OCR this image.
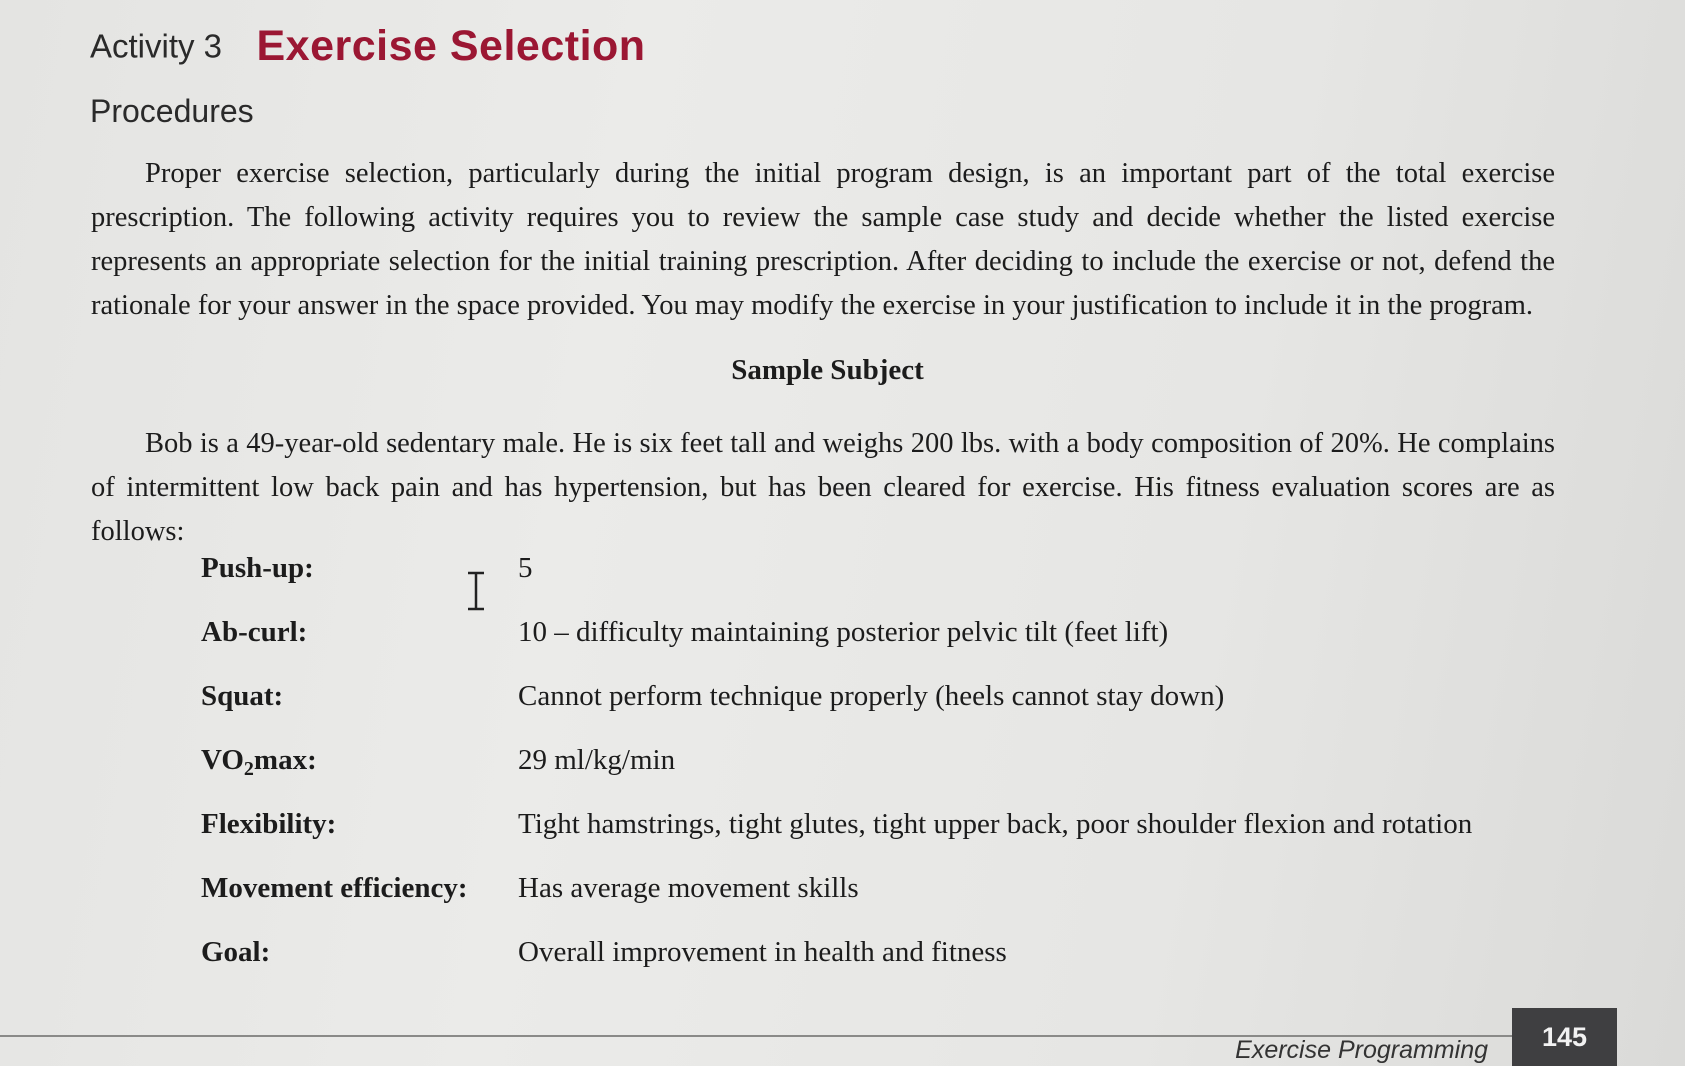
Activity 3 Exercise Selection
Procedures

Proper exercise selection, particularly during the initial program design, is an important part of the total exercise prescription. The following activity requires you to review the sample case study and decide whether the listed exercise represents an appropriate selection for the initial training prescription. After deciding to include the exercise or not, defend the rationale for your answer in the space provided. You may modify the exercise in your justification to include it in the program.

Sample Subject

Bob is a 49-year-old sedentary male. He is six feet tall and weighs 200 lbs. with a body composition of 20%. He complains of intermittent low back pain and has hypertension, but has been cleared for exercise. His fitness evaluation scores are as follows:

Push-up:	5
Ab-curl:	10 – difficulty maintaining posterior pelvic tilt (feet lift)
Squat:	Cannot perform technique properly (heels cannot stay down)
$VO_2\max$:	29 ml/kg/min
Flexibility:	Tight hamstrings, tight glutes, tight upper back, poor shoulder flexion and rotation
Movement efficiency: Has average movement skills
Goal:	Overall improvement in health and fitness
Exercise Programming	145
